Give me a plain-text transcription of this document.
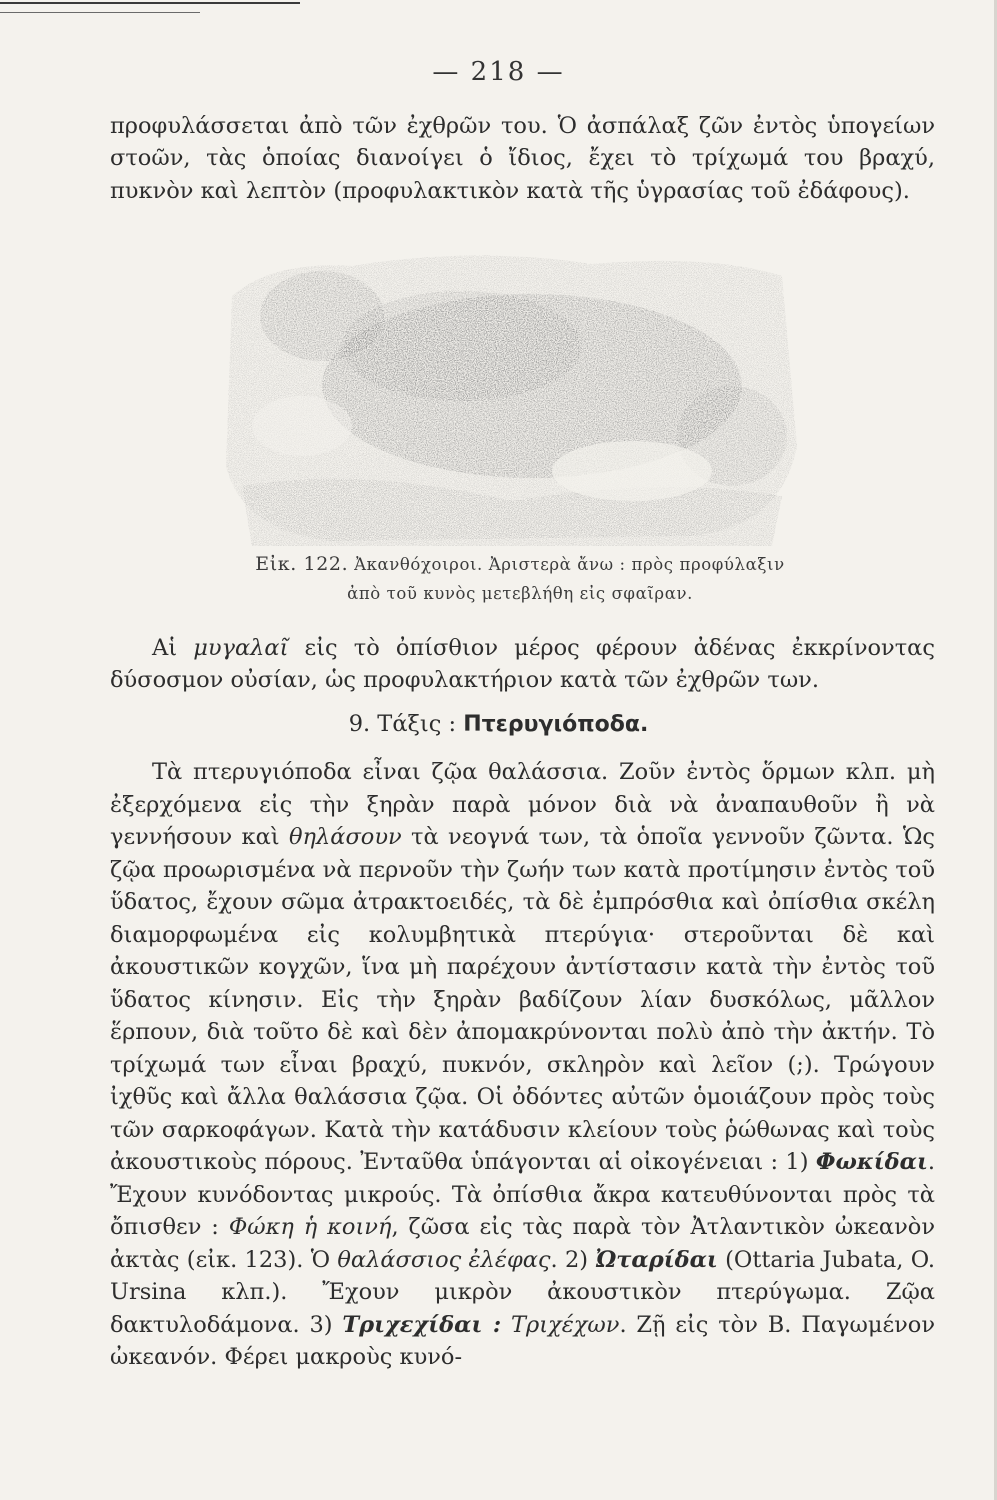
— 218 —

προφυλάσσεται ἀπὸ τῶν ἐχθρῶν του. Ὁ ἀσπάλαξ ζῶν ἐντὸς ὑπογείων στοῶν, τὰς ὁποίας διανοίγει ὁ ἴδιος, ἔχει τὸ τρίχωμά του βραχύ, πυκνὸν καὶ λεπτὸν (προφυλακτικὸν κατὰ τῆς ὑγρασίας τοῦ ἐδάφους).

Εἰκ. 122. Ἀκανθόχοιροι. Ἀριστερὰ ἄνω : πρὸς προφύλαξιν
ἀπὸ τοῦ κυνὸς μετεβλήθη εἰς σφαῖραν.

Αἱ μυγαλαῖ εἰς τὸ ὀπίσθιον μέρος φέρουν ἀδένας ἐκκρίνοντας δύσοσμον οὐσίαν, ὡς προφυλακτήριον κατὰ τῶν ἐχθρῶν των.

9. Τάξις : Πτερυγιόποδα.

Τὰ πτερυγιόποδα εἶναι ζῷα θαλάσσια. Ζοῦν ἐντὸς ὅρμων κλπ. μὴ ἐξερχόμενα εἰς τὴν ξηρὰν παρὰ μόνον διὰ νὰ ἀναπαυθοῦν ἢ νὰ γεννήσουν καὶ θηλάσουν τὰ νεογνά των, τὰ ὁποῖα γεννοῦν ζῶντα. Ὡς ζῷα προωρισμένα νὰ περνοῦν τὴν ζωήν των κατὰ προτίμησιν ἐντὸς τοῦ ὕδατος, ἔχουν σῶμα ἀτρακτοειδές, τὰ δὲ ἐμπρόσθια καὶ ὀπίσθια σκέλη διαμορφωμένα εἰς κολυμβητικὰ πτερύγια· στεροῦνται δὲ καὶ ἀκουστικῶν κογχῶν, ἵνα μὴ παρέχουν ἀντίστασιν κατὰ τὴν ἐντὸς τοῦ ὕδατος κίνησιν. Εἰς τὴν ξηρὰν βαδίζουν λίαν δυσκόλως, μᾶλλον ἕρπουν, διὰ τοῦτο δὲ καὶ δὲν ἀπομακρύνονται πολὺ ἀπὸ τὴν ἀκτήν. Τὸ τρίχωμά των εἶναι βραχύ, πυκνόν, σκληρὸν καὶ λεῖον (;). Τρώγουν ἰχθῦς καὶ ἄλλα θαλάσσια ζῷα. Οἱ ὀδόντες αὐτῶν ὁμοιάζουν πρὸς τοὺς τῶν σαρκοφάγων. Κατὰ τὴν κατάδυσιν κλείουν τοὺς ῥώθωνας καὶ τοὺς ἀκουστικοὺς πόρους. Ἐνταῦθα ὑπάγονται αἱ οἰκογένειαι : 1) Φωκίδαι. Ἔχουν κυνόδοντας μικρούς. Τὰ ὀπίσθια ἄκρα κατευθύνονται πρὸς τὰ ὄπισθεν : Φώκη ἡ κοινή, ζῶσα εἰς τὰς παρὰ τὸν Ἀτλαντικὸν ὠκεανὸν ἀκτὰς (εἰκ. 123). Ὁ θαλάσσιος ἐλέφας. 2) Ὠταρίδαι (Ottaria Jubata, O. Ursina κλπ.). Ἔχουν μικρὸν ἀκουστικὸν πτερύγωμα. Ζῷα δακτυλοδάμονα. 3) Τριχεχίδαι : Τριχέχων. Ζῇ εἰς τὸν Β. Παγωμένον ὠκεανόν. Φέρει μακροὺς κυνό-
